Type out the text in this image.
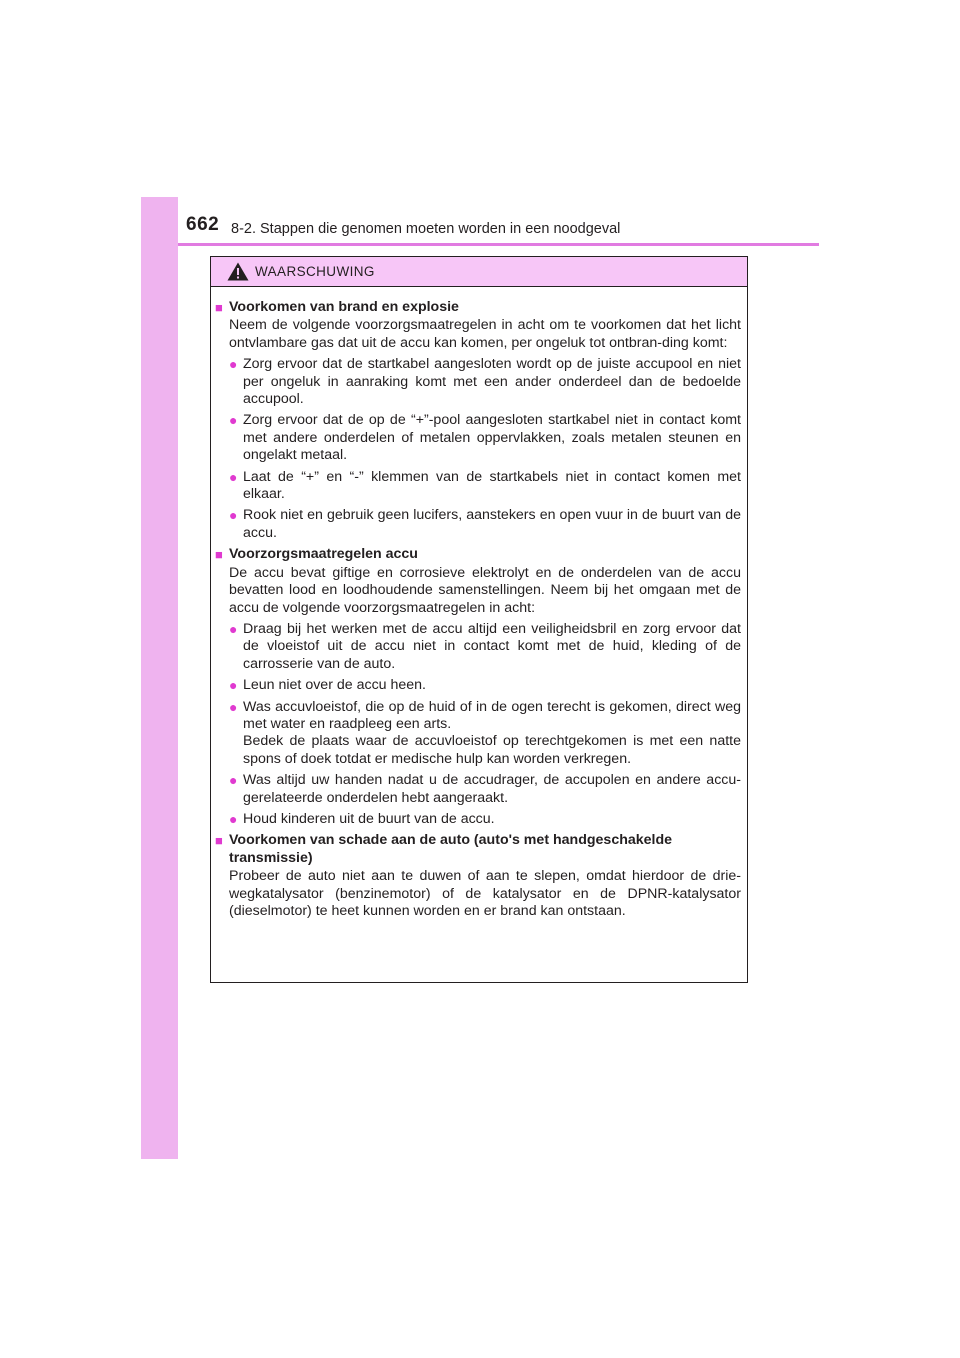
662 8-2. Stappen die genomen moeten worden in een noodgeval
WAARSCHUWING
■ Voorkomen van brand en explosie
Neem de volgende voorzorgsmaatregelen in acht om te voorkomen dat het licht ontvlambare gas dat uit de accu kan komen, per ongeluk tot ontbran-ding komt:
● Zorg ervoor dat de startkabel aangesloten wordt op de juiste accupool en niet per ongeluk in aanraking komt met een ander onderdeel dan de bedoelde accupool.
● Zorg ervoor dat de op de “+”-pool aangesloten startkabel niet in contact komt met andere onderdelen of metalen oppervlakken, zoals metalen steunen en ongelakt metaal.
● Laat de “+” en “-” klemmen van de startkabels niet in contact komen met elkaar.
● Rook niet en gebruik geen lucifers, aanstekers en open vuur in de buurt van de accu.
■ Voorzorgsmaatregelen accu
De accu bevat giftige en corrosieve elektrolyt en de onderdelen van de accu bevatten lood en loodhoudende samenstellingen. Neem bij het omgaan met de accu de volgende voorzorgsmaatregelen in acht:
● Draag bij het werken met de accu altijd een veiligheidsbril en zorg ervoor dat de vloeistof uit de accu niet in contact komt met de huid, kleding of de carrosserie van de auto.
● Leun niet over de accu heen.
● Was accuvloeistof, die op de huid of in de ogen terecht is gekomen, direct weg met water en raadpleeg een arts.
Bedek de plaats waar de accuvloeistof op terechtgekomen is met een natte spons of doek totdat er medische hulp kan worden verkregen.
● Was altijd uw handen nadat u de accudrager, de accupolen en andere accu-gerelateerde onderdelen hebt aangeraakt.
● Houd kinderen uit de buurt van de accu.
■ Voorkomen van schade aan de auto (auto's met handgeschakelde transmissie)
Probeer de auto niet aan te duwen of aan te slepen, omdat hierdoor de drie-wegkatalysator (benzinemotor) of de katalysator en de DPNR-katalysator (dieselmotor) te heet kunnen worden en er brand kan ontstaan.
